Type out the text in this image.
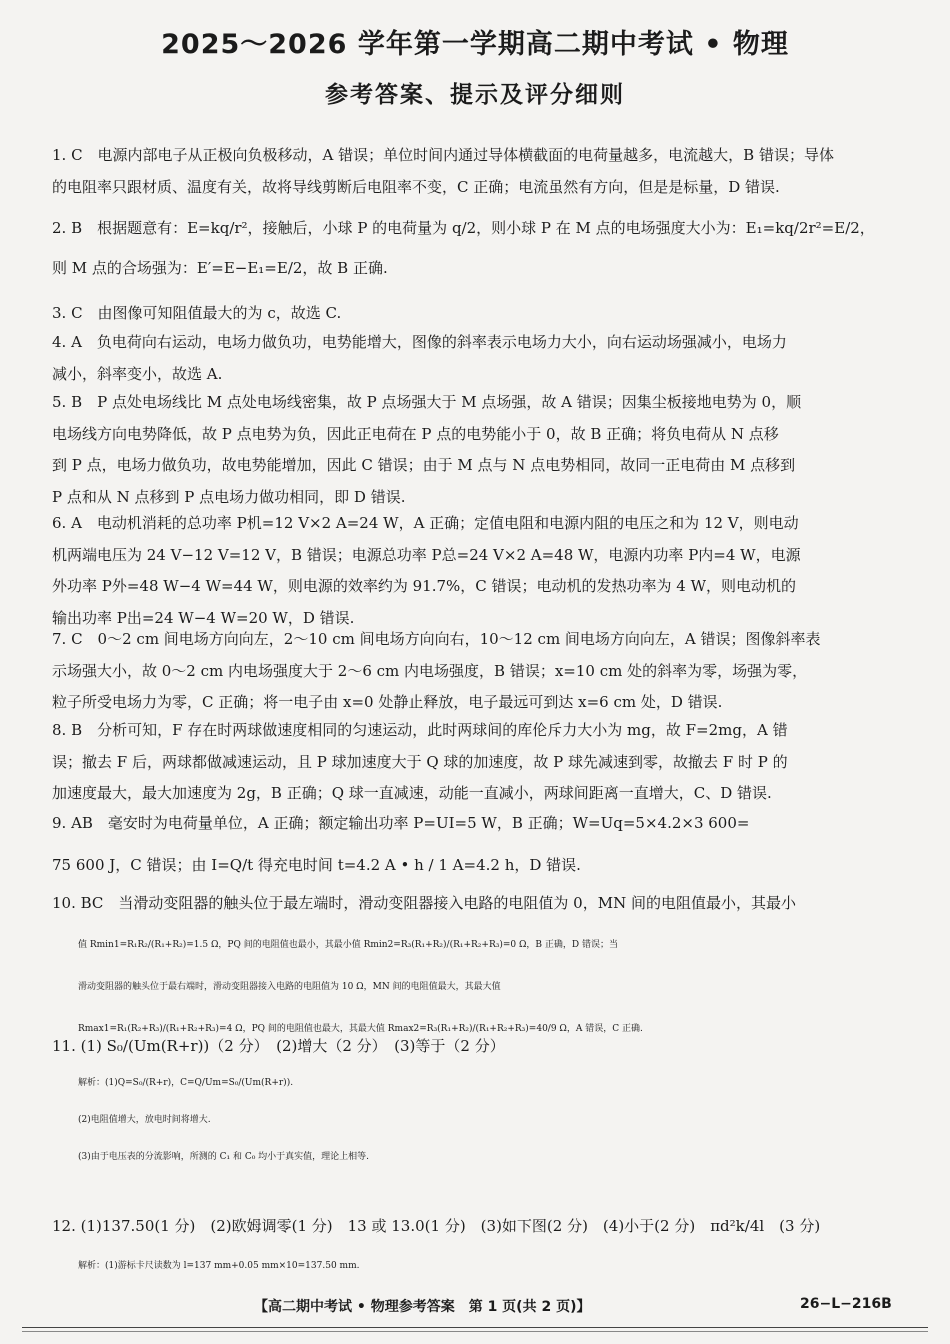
2025～2026 学年第一学期高二期中考试 • 物理
参考答案、提示及评分细则
1. C　电源内部电子从正极向负极移动，A 错误；单位时间内通过导体横截面的电荷量越多，电流越大，B 错误；导体
的电阻率只跟材质、温度有关，故将导线剪断后电阻率不变，C 正确；电流虽然有方向，但是是标量，D 错误.
2. B　根据题意有：E=kq/r²，接触后，小球 P 的电荷量为 q/2，则小球 P 在 M 点的电场强度大小为：E₁=kq/2r²=E/2，
则 M 点的合场强为：E′=E−E₁=E/2，故 B 正确.
3. C　由图像可知阻值最大的为 c，故选 C.
4. A　负电荷向右运动，电场力做负功，电势能增大，图像的斜率表示电场力大小，向右运动场强减小，电场力
减小，斜率变小，故选 A.
5. B　P 点处电场线比 M 点处电场线密集，故 P 点场强大于 M 点场强，故 A 错误；因集尘板接地电势为 0，顺
电场线方向电势降低，故 P 点电势为负，因此正电荷在 P 点的电势能小于 0，故 B 正确；将负电荷从 N 点移
到 P 点，电场力做负功，故电势能增加，因此 C 错误；由于 M 点与 N 点电势相同，故同一正电荷由 M 点移到
P 点和从 N 点移到 P 点电场力做功相同，即 D 错误.
6. A　电动机消耗的总功率 P机=12 V×2 A=24 W，A 正确；定值电阻和电源内阻的电压之和为 12 V，则电动
机两端电压为 24 V−12 V=12 V，B 错误；电源总功率 P总=24 V×2 A=48 W，电源内功率 P内=4 W，电源
外功率 P外=48 W−4 W=44 W，则电源的效率约为 91.7%，C 错误；电动机的发热功率为 4 W，则电动机的
输出功率 P出=24 W−4 W=20 W，D 错误.
7. C　0～2 cm 间电场方向向左，2～10 cm 间电场方向向右，10～12 cm 间电场方向向左，A 错误；图像斜率表
示场强大小，故 0～2 cm 内电场强度大于 2～6 cm 内电场强度，B 错误；x=10 cm 处的斜率为零，场强为零，
粒子所受电场力为零，C 正确；将一电子由 x=0 处静止释放，电子最远可到达 x=6 cm 处，D 错误.
8. B　分析可知，F 存在时两球做速度相同的匀速运动，此时两球间的库伦斥力大小为 mg，故 F=2mg，A 错
误；撤去 F 后，两球都做减速运动，且 P 球加速度大于 Q 球的加速度，故 P 球先减速到零，故撤去 F 时 P 的
加速度最大，最大加速度为 2g，B 正确；Q 球一直减速，动能一直减小，两球间距离一直增大，C、D 错误.
9. AB　毫安时为电荷量单位，A 正确；额定输出功率 P=UI=5 W，B 正确；W=Uq=5×4.2×3 600=
75 600 J，C 错误；由 I=Q/t 得充电时间 t=4.2 A • h / 1 A=4.2 h，D 错误.
10. BC　当滑动变阻器的触头位于最左端时，滑动变阻器接入电路的电阻值为 0，MN 间的电阻值最小，其最小
值 Rmin1=R₁R₂/(R₁+R₂)=1.5 Ω，PQ 间的电阻值也最小，其最小值 Rmin2=R₃(R₁+R₂)/(R₁+R₂+R₃)=0 Ω，B 正确，D 错误；当
滑动变阻器的触头位于最右端时，滑动变阻器接入电路的电阻值为 10 Ω，MN 间的电阻值最大，其最大值
Rmax1=R₁(R₂+R₃)/(R₁+R₂+R₃)=4 Ω，PQ 间的电阻值也最大，其最大值 Rmax2=R₃(R₁+R₂)/(R₁+R₂+R₃)=40/9 Ω，A 错误，C 正确.
11. (1) S₀/(Um(R+r))（2 分）　(2)增大（2 分）　(3)等于（2 分）
解析：(1)Q=S₀/(R+r)，C=Q/Um=S₀/(Um(R+r)).
(2)电阻值增大，放电时间将增大.
(3)由于电压表的分流影响，所测的 C₁ 和 C₀ 均小于真实值，理论上相等.
12. (1)137.50(1 分)　(2)欧姆调零(1 分)　13 或 13.0(1 分)　(3)如下图(2 分)　(4)小于(2 分)　πd²k/4l　(3 分)
解析：(1)游标卡尺读数为 l=137 mm+0.05 mm×10=137.50 mm.
【高二期中考试 • 物理参考答案　第 1 页(共 2 页)】	26−L−216B
